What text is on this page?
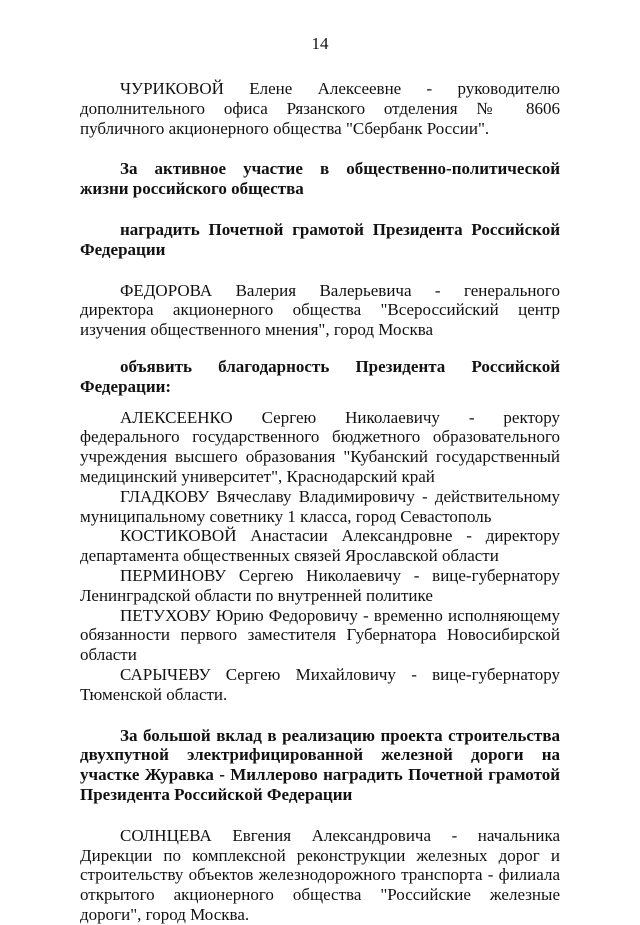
14

ЧУРИКОВОЙ Елене Алексеевне - руководителю дополнительного офиса Рязанского отделения № 8606 публичного акционерного общества "Сбербанк России".

За активное участие в общественно-политической жизни российского общества

наградить Почетной грамотой Президента Российской Федерации

ФЕДОРОВА Валерия Валерьевича - генерального директора акционерного общества "Всероссийский центр изучения общественного мнения", город Москва

объявить благодарность Президента Российской Федерации:

АЛЕКСЕЕНКО Сергею Николаевичу - ректору федерального государственного бюджетного образовательного учреждения высшего образования "Кубанский государственный медицинский университет", Краснодарский край

ГЛАДКОВУ Вячеславу Владимировичу - действительному муниципальному советнику 1 класса, город Севастополь

КОСТИКОВОЙ Анастасии Александровне - директору департамента общественных связей Ярославской области

ПЕРМИНОВУ Сергею Николаевичу - вице-губернатору Ленинградской области по внутренней политике

ПЕТУХОВУ Юрию Федоровичу - временно исполняющему обязанности первого заместителя Губернатора Новосибирской области

САРЫЧЕВУ Сергею Михайловичу - вице-губернатору Тюменской области.

За большой вклад в реализацию проекта строительства двухпутной электрифицированной железной дороги на участке Журавка - Миллерово наградить Почетной грамотой Президента Российской Федерации

СОЛНЦЕВА Евгения Александровича - начальника Дирекции по комплексной реконструкции железных дорог и строительству объектов железнодорожного транспорта - филиала открытого акционерного общества "Российские железные дороги", город Москва.
